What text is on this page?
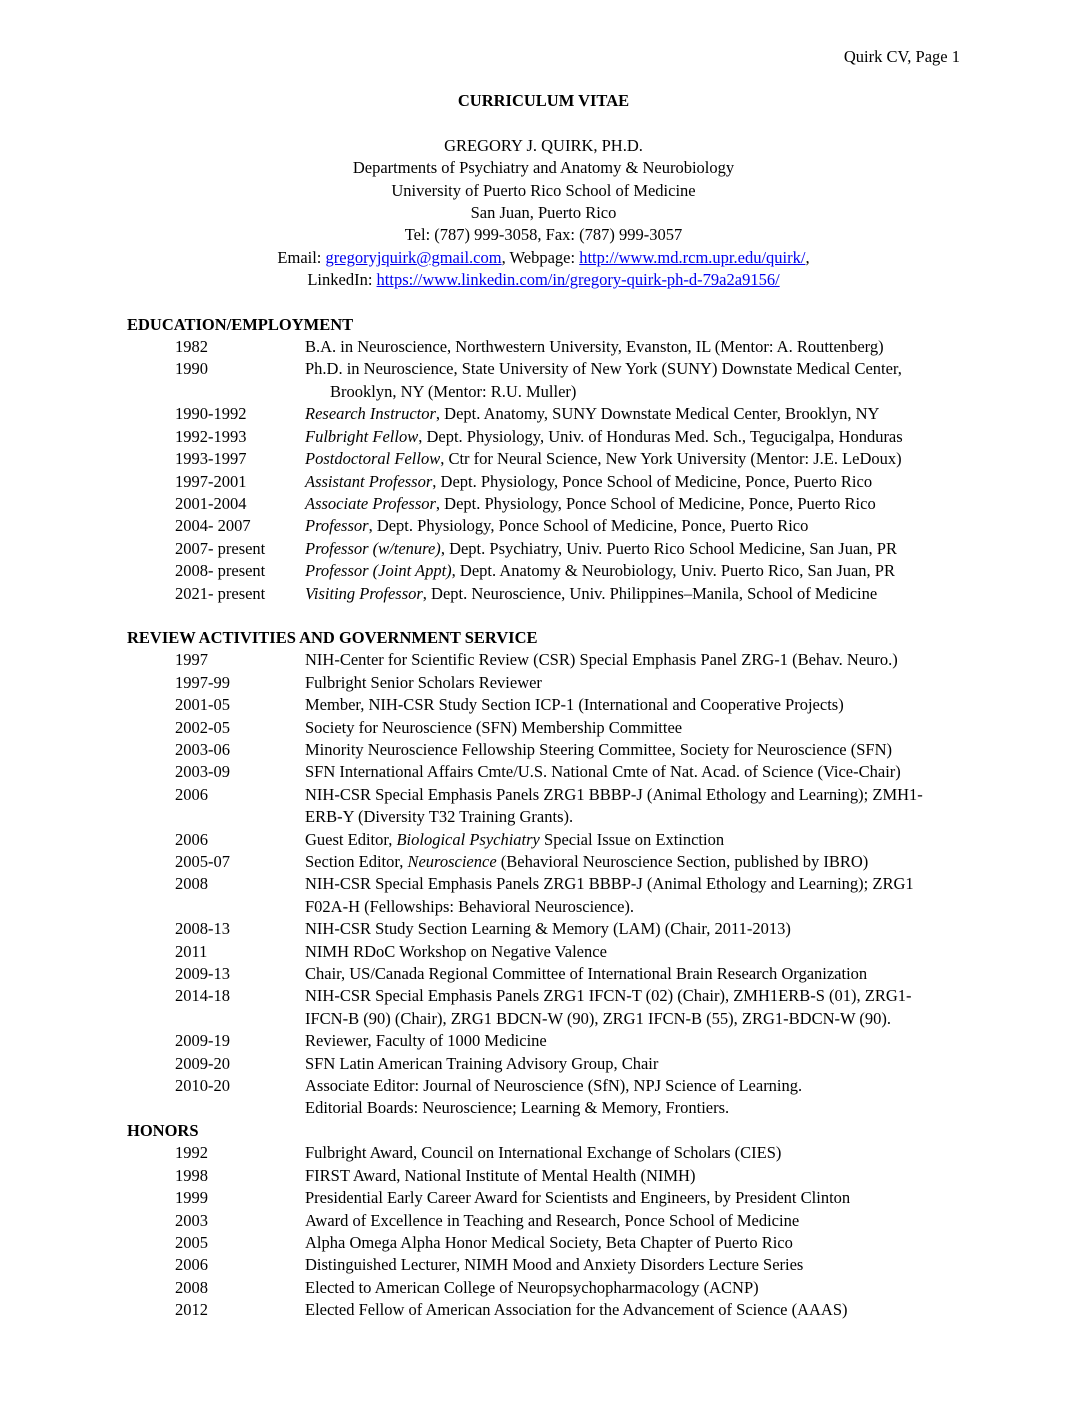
Quirk CV, Page 1
CURRICULUM VITAE
GREGORY J. QUIRK, PH.D.
Departments of Psychiatry and Anatomy & Neurobiology
University of Puerto Rico School of Medicine
San Juan, Puerto Rico
Tel: (787) 999-3058, Fax: (787) 999-3057
Email: gregoryjquirk@gmail.com, Webpage: http://www.md.rcm.upr.edu/quirk/,
LinkedIn: https://www.linkedin.com/in/gregory-quirk-ph-d-79a2a9156/
EDUCATION/EMPLOYMENT
1982	B.A. in Neuroscience, Northwestern University, Evanston, IL (Mentor: A. Routtenberg)
1990	Ph.D. in Neuroscience, State University of New York (SUNY) Downstate Medical Center,
Brooklyn, NY (Mentor: R.U. Muller)
1990-1992	Research Instructor, Dept. Anatomy, SUNY Downstate Medical Center, Brooklyn, NY
1992-1993	Fulbright Fellow, Dept. Physiology, Univ. of Honduras Med. Sch., Tegucigalpa, Honduras
1993-1997	Postdoctoral Fellow, Ctr for Neural Science, New York University (Mentor: J.E. LeDoux)
1997-2001	Assistant Professor, Dept. Physiology, Ponce School of Medicine, Ponce, Puerto Rico
2001-2004	Associate Professor, Dept. Physiology, Ponce School of Medicine, Ponce, Puerto Rico
2004- 2007	Professor, Dept. Physiology, Ponce School of Medicine, Ponce, Puerto Rico
2007- present	Professor (w/tenure), Dept. Psychiatry, Univ. Puerto Rico School Medicine, San Juan, PR
2008- present	Professor (Joint Appt), Dept. Anatomy & Neurobiology, Univ. Puerto Rico, San Juan, PR
2021- present	Visiting Professor, Dept. Neuroscience, Univ. Philippines–Manila, School of Medicine
REVIEW ACTIVITIES AND GOVERNMENT SERVICE
1997	NIH-Center for Scientific Review (CSR) Special Emphasis Panel ZRG-1 (Behav. Neuro.)
1997-99	Fulbright Senior Scholars Reviewer
2001-05	Member, NIH-CSR Study Section ICP-1 (International and Cooperative Projects)
2002-05	Society for Neuroscience (SFN) Membership Committee
2003-06	Minority Neuroscience Fellowship Steering Committee, Society for Neuroscience (SFN)
2003-09	SFN International Affairs Cmte/U.S. National Cmte of Nat. Acad. of Science (Vice-Chair)
2006	NIH-CSR Special Emphasis Panels ZRG1 BBBP-J (Animal Ethology and Learning); ZMH1-
ERB-Y (Diversity T32 Training Grants).
2006	Guest Editor, Biological Psychiatry Special Issue on Extinction
2005-07	Section Editor, Neuroscience (Behavioral Neuroscience Section, published by IBRO)
2008	NIH-CSR Special Emphasis Panels ZRG1 BBBP-J (Animal Ethology and Learning); ZRG1
F02A-H (Fellowships: Behavioral Neuroscience).
2008-13	NIH-CSR Study Section Learning & Memory (LAM) (Chair, 2011-2013)
2011	NIMH RDoC Workshop on Negative Valence
2009-13	Chair, US/Canada Regional Committee of International Brain Research Organization
2014-18	NIH-CSR Special Emphasis Panels ZRG1 IFCN-T (02) (Chair), ZMH1ERB-S (01), ZRG1-
IFCN-B (90) (Chair), ZRG1 BDCN-W (90), ZRG1 IFCN-B (55), ZRG1-BDCN-W (90).
2009-19	Reviewer, Faculty of 1000 Medicine
2009-20	SFN Latin American Training Advisory Group, Chair
2010-20	Associate Editor: Journal of Neuroscience (SfN), NPJ Science of Learning.
Editorial Boards: Neuroscience; Learning & Memory, Frontiers.
HONORS
1992	Fulbright Award, Council on International Exchange of Scholars (CIES)
1998	FIRST Award, National Institute of Mental Health (NIMH)
1999	Presidential Early Career Award for Scientists and Engineers, by President Clinton
2003	Award of Excellence in Teaching and Research, Ponce School of Medicine
2005	Alpha Omega Alpha Honor Medical Society, Beta Chapter of Puerto Rico
2006	Distinguished Lecturer, NIMH Mood and Anxiety Disorders Lecture Series
2008	Elected to American College of Neuropsychopharmacology (ACNP)
2012	Elected Fellow of American Association for the Advancement of Science (AAAS)
